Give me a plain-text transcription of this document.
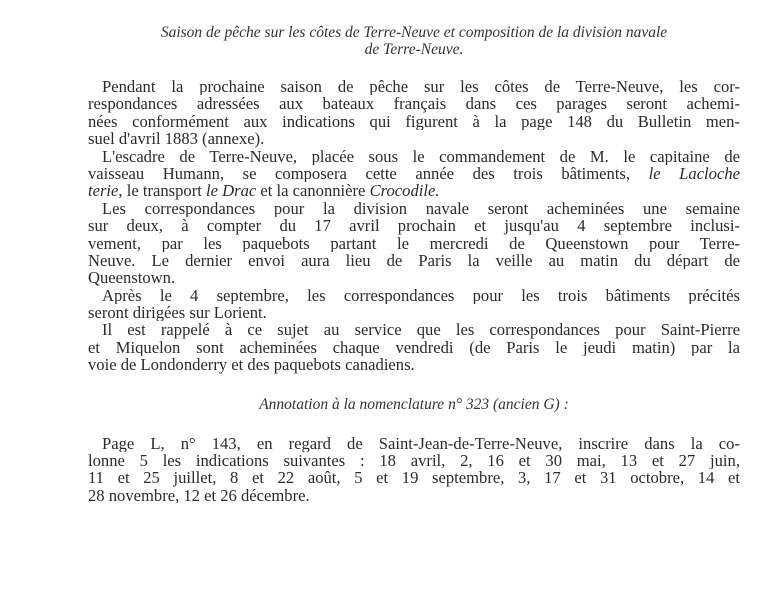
Saison de pêche sur les côtes de Terre-Neuve et composition de la division navale
de Terre-Neuve.
Pendant la prochaine saison de pêche sur les côtes de Terre-Neuve, les cor-
respondances adressées aux bateaux français dans ces parages seront achemi-
nées conformément aux indications qui figurent à la page 148 du Bulletin men-
suel d'avril 1883 (annexe).
L'escadre de Terre-Neuve, placée sous le commandement de M. le capitaine de
vaisseau Humann, se composera cette année des trois bâtiments, le Lacloche
terie, le transport le Drac et la canonnière Crocodile.
Les correspondances pour la division navale seront acheminées une semaine
sur deux, à compter du 17 avril prochain et jusqu'au 4 septembre inclusi-
vement, par les paquebots partant le mercredi de Queenstown pour Terre-
Neuve. Le dernier envoi aura lieu de Paris la veille au matin du départ de
Queenstown.
Après le 4 septembre, les correspondances pour les trois bâtiments précités
seront dirigées sur Lorient.
Il est rappelé à ce sujet au service que les correspondances pour Saint-Pierre
et Miquelon sont acheminées chaque vendredi (de Paris le jeudi matin) par la
voie de Londonderry et des paquebots canadiens.
Annotation à la nomenclature n° 323 (ancien G) :
Page L, n° 143, en regard de Saint-Jean-de-Terre-Neuve, inscrire dans la co-
lonne 5 les indications suivantes : 18 avril, 2, 16 et 30 mai, 13 et 27 juin,
11 et 25 juillet, 8 et 22 août, 5 et 19 septembre, 3, 17 et 31 octobre, 14 et
28 novembre, 12 et 26 décembre.
